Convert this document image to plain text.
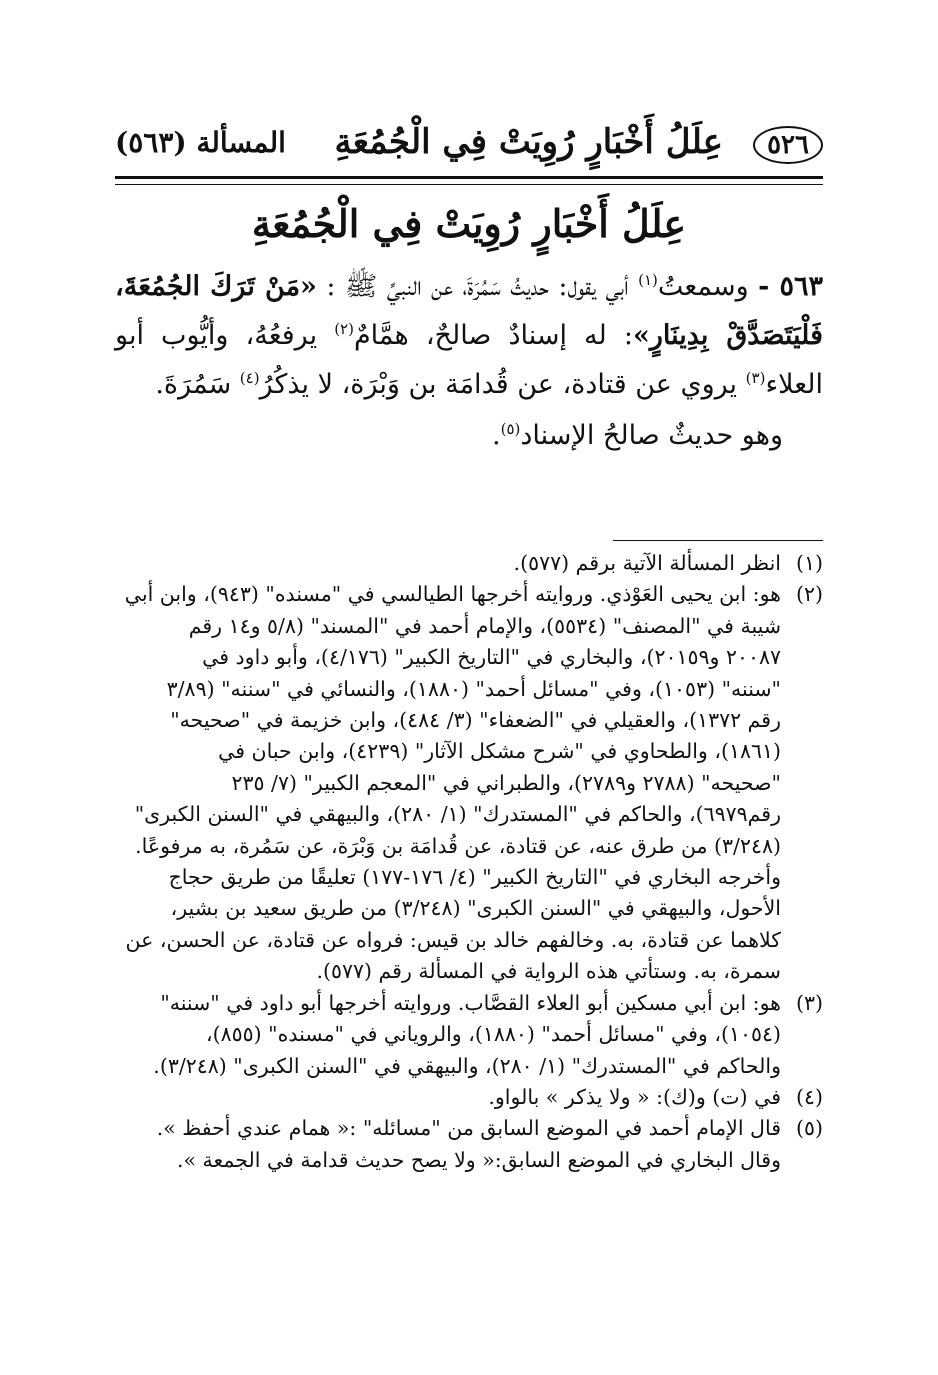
٥٢٦
عِلَلُ أَخْبَارٍ رُوِيَتْ فِي الْجُمُعَةِ
المسألة (٥٦٣)
عِلَلُ أَخْبَارٍ رُوِيَتْ فِي الْجُمُعَةِ

٥٦٣ - وسمعتُ$^{(١)}$ أبي يقول: حديثُ سَمُرَةَ، عن النبيِّ ﷺ : «مَنْ تَرَكَ الجُمُعَةَ، فَلْيَتَصَدَّقْ بِدِينَارٍ»: له إسنادٌ صالحٌ، همَّامٌ$^{(٢)}$ يرفعُهُ، وأيُّوب أبو العلاء$^{(٣)}$ يروي عن قتادة، عن قُدامَة بن وَبْرَة، لا يذكُرُ$^{(٤)}$ سَمُرَةَ.

وهو حديثٌ صالحُ الإسناد$^{(٥)}$.

(١)
انظر المسألة الآتية برقم (٥٧٧).
(٢)
هو: ابن يحيى العَوْذي. وروايته أخرجها الطيالسي في "مسنده" (٩٤٣)، وابن أبي
شيبة في "المصنف" (٥٥٣٤)، والإمام أحمد في "المسند" (٥/٨ و١٤ رقم
٢٠٠٨٧ و٢٠١٥٩)، والبخاري في "التاريخ الكبير" (٤/١٧٦)، وأبو داود في
"سننه" (١٠٥٣)، وفي "مسائل أحمد" (١٨٨٠)، والنسائي في "سننه" (٣/٨٩
رقم ١٣٧٢)، والعقيلي في "الضعفاء" (٣/ ٤٨٤)، وابن خزيمة في "صحيحه"
(١٨٦١)، والطحاوي في "شرح مشكل الآثار" (٤٢٣٩)، وابن حبان في
"صحيحه" (٢٧٨٨ و٢٧٨٩)، والطبراني في "المعجم الكبير" (٧/ ٢٣٥
رقم٦٩٧٩)، والحاكم في "المستدرك" (١/ ٢٨٠)، والبيهقي في "السنن الكبرى"
(٣/٢٤٨) من طرق عنه، عن قتادة، عن قُدامَة بن وَبْرَة، عن سَمُرة، به مرفوعًا.
وأخرجه البخاري في "التاريخ الكبير" (٤/ ١٧٦-١٧٧) تعليقًا من طريق حجاج
الأحول، والبيهقي في "السنن الكبرى" (٣/٢٤٨) من طريق سعيد بن بشير،
كلاهما عن قتادة، به. وخالفهم خالد بن قيس: فرواه عن قتادة، عن الحسن، عن
سمرة، به. وستأتي هذه الرواية في المسألة رقم (٥٧٧).
(٣)
هو: ابن أبي مسكين أبو العلاء القصَّاب. وروايته أخرجها أبو داود في "سننه"
(١٠٥٤)، وفي "مسائل أحمد" (١٨٨٠)، والروياني في "مسنده" (٨٥٥)،
والحاكم في "المستدرك" (١/ ٢٨٠)، والبيهقي في "السنن الكبرى" (٣/٢٤٨).
(٤)
في (ت) و(ك): « ولا يذكر » بالواو.
(٥)
قال الإمام أحمد في الموضع السابق من "مسائله" :« همام عندي أحفظ ».
وقال البخاري في الموضع السابق:« ولا يصح حديث قدامة في الجمعة ».
